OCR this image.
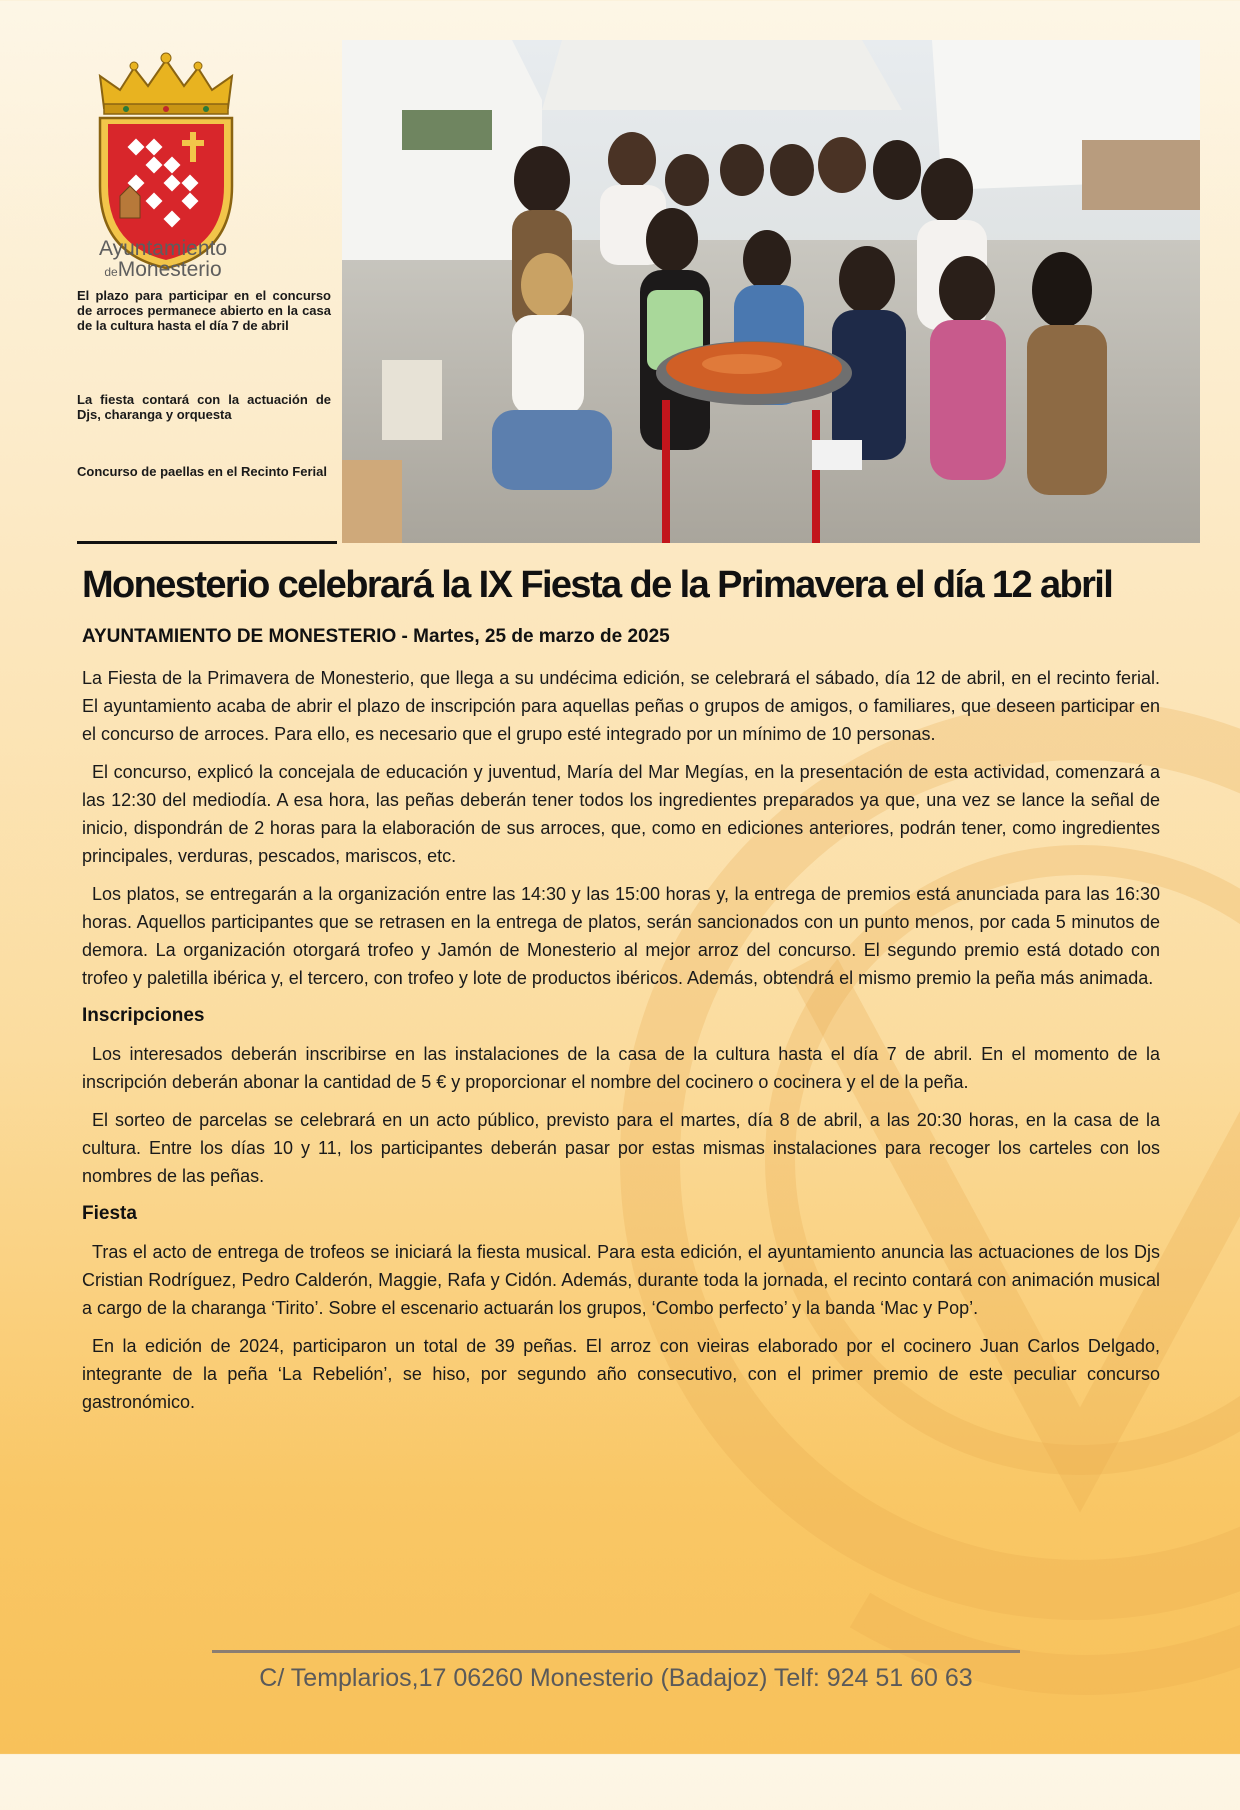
Ayuntamiento
deMonesterio
El plazo para participar en el concurso de arroces permanece abierto en la casa de la cultura hasta el día 7 de abril
La fiesta contará con la actuación de Djs, charanga y orquesta
Concurso de paellas en el Recinto Ferial
Monesterio celebrará la IX Fiesta de la Primavera el día 12 abril

AYUNTAMIENTO DE MONESTERIO - Martes, 25 de marzo de 2025

La Fiesta de la Primavera de Monesterio, que llega a su undécima edición, se celebrará el sábado, día 12 de abril, en el recinto ferial. El ayuntamiento acaba de abrir el plazo de inscripción para aquellas peñas o grupos de amigos, o familiares, que deseen participar en el concurso de arroces. Para ello, es necesario que el grupo esté integrado por un mínimo de 10 personas.

El concurso, explicó la concejala de educación y juventud, María del Mar Megías, en la presentación de esta actividad, comenzará a las 12:30 del mediodía. A esa hora, las peñas deberán tener todos los ingredientes preparados ya que, una vez se lance la señal de inicio, dispondrán de 2 horas para la elaboración de sus arroces, que, como en ediciones anteriores, podrán tener, como ingredientes principales, verduras, pescados, mariscos, etc.

Los platos, se entregarán a la organización entre las 14:30 y las 15:00 horas y, la entrega de premios está anunciada para las 16:30 horas. Aquellos participantes que se retrasen en la entrega de platos, serán sancionados con un punto menos, por cada 5 minutos de demora. La organización otorgará trofeo y Jamón de Monesterio al mejor arroz del concurso. El segundo premio está dotado con trofeo y paletilla ibérica y, el tercero, con trofeo y lote de productos ibéricos. Además, obtendrá el mismo premio la peña más animada.

Inscripciones

Los interesados deberán inscribirse en las instalaciones de la casa de la cultura hasta el día 7 de abril. En el momento de la inscripción deberán abonar la cantidad de 5 € y proporcionar el nombre del cocinero o cocinera y el de la peña.

El sorteo de parcelas se celebrará en un acto público, previsto para el martes, día 8 de abril, a las 20:30 horas, en la casa de la cultura. Entre los días 10 y 11, los participantes deberán pasar por estas mismas instalaciones para recoger los carteles con los nombres de las peñas.

Fiesta

Tras el acto de entrega de trofeos se iniciará la fiesta musical. Para esta edición, el ayuntamiento anuncia las actuaciones de los Djs Cristian Rodríguez, Pedro Calderón, Maggie, Rafa y Cidón. Además, durante toda la jornada, el recinto contará con animación musical a cargo de la charanga ‘Tirito’. Sobre el escenario actuarán los grupos, ‘Combo perfecto’ y la banda ‘Mac y Pop’.

En la edición de 2024, participaron un total de 39 peñas. El arroz con vieiras elaborado por el cocinero Juan Carlos Delgado, integrante de la peña ‘La Rebelión’, se hiso, por segundo año consecutivo, con el primer premio de este peculiar concurso gastronómico.

C/ Templarios,17 06260 Monesterio (Badajoz) Telf: 924 51 60 63
